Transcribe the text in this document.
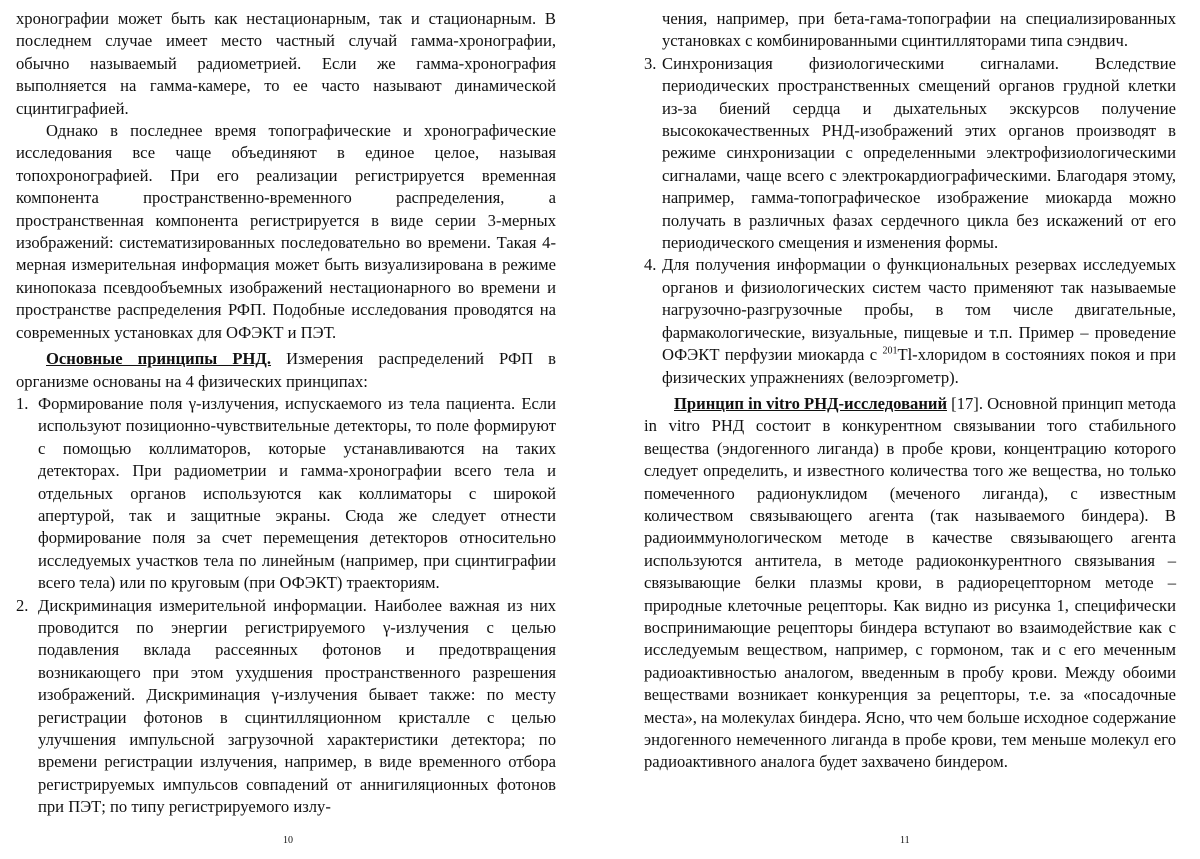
хронографии может быть как нестационарным, так и стационарным. В последнем случае имеет место частный случай гамма-хронографии, обычно называемый радиометрией. Если же гамма-хронография выполняется на гамма-камере, то ее часто называют динамической сцинтиграфией.

Однако в последнее время топографические и хронографические исследования все чаще объединяют в единое целое, называя топохронографией. При его реализации регистрируется временная компонента пространственно-временного распределения, а пространственная компонента регистрируется в виде серии 3-мерных изображений: систематизированных последовательно во времени. Такая 4-мерная измерительная информация может быть визуализирована в режиме кинопоказа псевдообъемных изображений нестационарного во времени и пространстве распределения РФП. Подобные исследования проводятся на современных установках для ОФЭКТ и ПЭТ.

Основные принципы РНД. Измерения распределений РФП в организме основаны на 4 физических принципах:

1. Формирование поля γ-излучения, испускаемого из тела пациента. Если используют позиционно-чувствительные детекторы, то поле формируют с помощью коллиматоров, которые устанавливаются на таких детекторах. При радиометрии и гамма-хронографии всего тела и отдельных органов используются как коллиматоры с широкой апертурой, так и защитные экраны. Сюда же следует отнести формирование поля за счет перемещения детекторов относительно исследуемых участков тела по линейным (например, при сцинтиграфии всего тела) или по круговым (при ОФЭКТ) траекториям.
2. Дискриминация измерительной информации. Наиболее важная из них проводится по энергии регистрируемого γ-излучения с целью подавления вклада рассеянных фотонов и предотвращения возникающего при этом ухудшения пространственного разрешения изображений. Дискриминация γ-излучения бывает также: по месту регистрации фотонов в сцинтилляционном кристалле с целью улучшения импульсной загрузочной характеристики детектора; по времени регистрации излучения, например, в виде временного отбора регистрируемых импульсов совпадений от аннигиляционных фотонов при ПЭТ; по типу регистрируемого излу-
10

чения, например, при бета-гама-топографии на специализированных установках с комбинированными сцинтилляторами типа сэндвич.

3. Синхронизация физиологическими сигналами. Вследствие периодических пространственных смещений органов грудной клетки из-за биений сердца и дыхательных экскурсов получение высококачественных РНД-изображений этих органов производят в режиме синхронизации с определенными электрофизиологическими сигналами, чаще всего с электрокардиографическими. Благодаря этому, например, гамма-топографическое изображение миокарда можно получать в различных фазах сердечного цикла без искажений от его периодического смещения и изменения формы.
4. Для получения информации о функциональных резервах исследуемых органов и физиологических систем часто применяют так называемые нагрузочно-разгрузочные пробы, в том числе двигательные, фармакологические, визуальные, пищевые и т.п. Пример – проведение ОФЭКТ перфузии миокарда с $^{201}$Tl-хлоридом в состояниях покоя и при физических упражнениях (велоэргометр).

Принцип in vitro РНД-исследований [17]. Основной принцип метода in vitro РНД состоит в конкурентном связывании того стабильного вещества (эндогенного лиганда) в пробе крови, концентрацию которого следует определить, и известного количества того же вещества, но только помеченного радионуклидом (меченого лиганда), с известным количеством связывающего агента (так называемого биндера). В радиоиммунологическом методе в качестве связывающего агента используются антитела, в методе радиоконкурентного связывания – связывающие белки плазмы крови, в радиорецепторном методе – природные клеточные рецепторы. Как видно из рисунка 1, специфически воспринимающие рецепторы биндера вступают во взаимодействие как с исследуемым веществом, например, с гормоном, так и с его меченным радиоактивностью аналогом, введенным в пробу крови. Между обоими веществами возникает конкуренция за рецепторы, т.е. за «посадочные места», на молекулах биндера. Ясно, что чем больше исходное содержание эндогенного немеченного лиганда в пробе крови, тем меньше молекул его радиоактивного аналога будет захвачено биндером.

11
